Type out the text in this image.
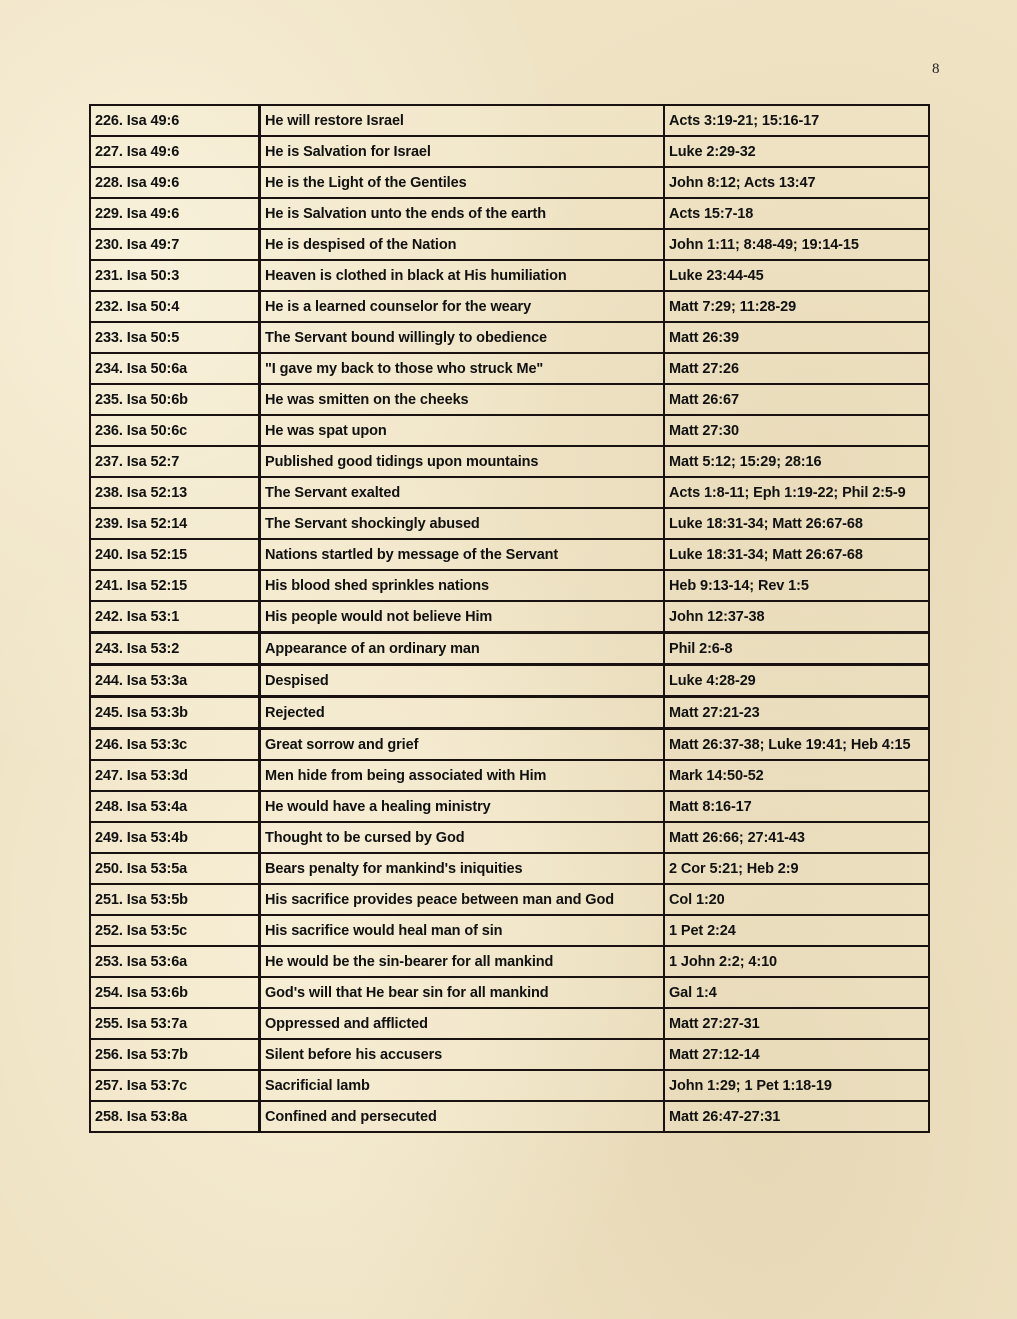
8
226. Isa 49:6	He will restore Israel	Acts 3:19-21; 15:16-17
227. Isa 49:6	He is Salvation for Israel	Luke 2:29-32
228. Isa 49:6	He is the Light of the Gentiles	John 8:12; Acts 13:47
229. Isa 49:6	He is Salvation unto the ends of the earth	Acts 15:7-18
230. Isa 49:7	He is despised of the Nation	John 1:11; 8:48-49; 19:14-15
231. Isa 50:3	Heaven is clothed in black at His humiliation	Luke 23:44-45
232. Isa 50:4	He is a learned counselor for the weary	Matt 7:29; 11:28-29
233. Isa 50:5	The Servant bound willingly to obedience	Matt 26:39
234. Isa 50:6a	"I gave my back to those who struck Me"	Matt 27:26
235. Isa 50:6b	He was smitten on the cheeks	Matt 26:67
236. Isa 50:6c	He was spat upon	Matt 27:30
237. Isa 52:7	Published good tidings upon mountains	Matt 5:12; 15:29; 28:16
238. Isa 52:13	The Servant exalted	Acts 1:8-11; Eph 1:19-22; Phil 2:5-9
239. Isa 52:14	The Servant shockingly abused	Luke 18:31-34; Matt 26:67-68
240. Isa 52:15	Nations startled by message of the Servant	Luke 18:31-34; Matt 26:67-68
241. Isa 52:15	His blood shed sprinkles nations	Heb 9:13-14; Rev 1:5
242. Isa 53:1	His people would not believe Him	John 12:37-38
243. Isa 53:2	Appearance of an ordinary man	Phil 2:6-8
244. Isa 53:3a	Despised	Luke 4:28-29
245. Isa 53:3b	Rejected	Matt 27:21-23
246. Isa 53:3c	Great sorrow and grief	Matt 26:37-38; Luke 19:41; Heb 4:15
247. Isa 53:3d	Men hide from being associated with Him	Mark 14:50-52
248. Isa 53:4a	He would have a healing ministry	Matt 8:16-17
249. Isa 53:4b	Thought to be cursed by God	Matt 26:66; 27:41-43
250. Isa 53:5a	Bears penalty for mankind's iniquities	2 Cor 5:21; Heb 2:9
251. Isa 53:5b	His sacrifice provides peace between man and God	Col 1:20
252. Isa 53:5c	His sacrifice would heal man of sin	1 Pet 2:24
253. Isa 53:6a	He would be the sin-bearer for all mankind	1 John 2:2; 4:10
254. Isa 53:6b	God's will that He bear sin for all mankind	Gal 1:4
255. Isa 53:7a	Oppressed and afflicted	Matt 27:27-31
256. Isa 53:7b	Silent before his accusers	Matt 27:12-14
257. Isa 53:7c	Sacrificial lamb	John 1:29; 1 Pet 1:18-19
258. Isa 53:8a	Confined and persecuted	Matt 26:47-27:31
